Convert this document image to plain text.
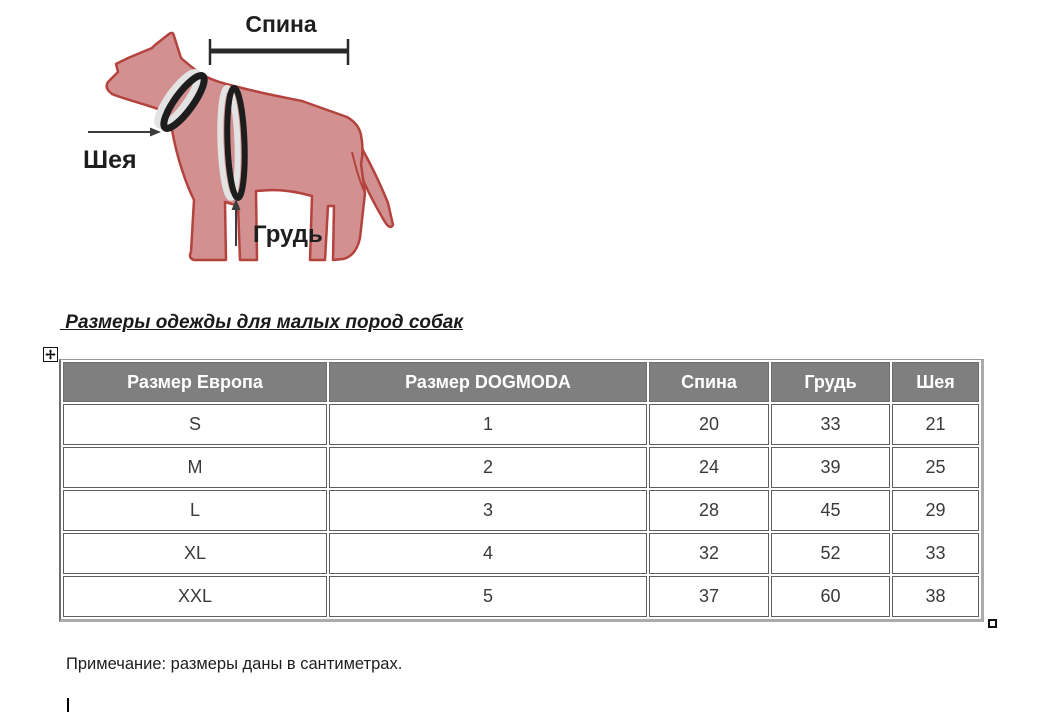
Спина
Шея
Грудь
Размеры одежды для малых пород собак
Размер Европа	Размер DOGMODA	Спина	Грудь	Шея
S	1	20	33	21
M	2	24	39	25
L	3	28	45	29
XL	4	32	52	33
XXL	5	37	60	38
Примечание: размеры даны в сантиметрах.
